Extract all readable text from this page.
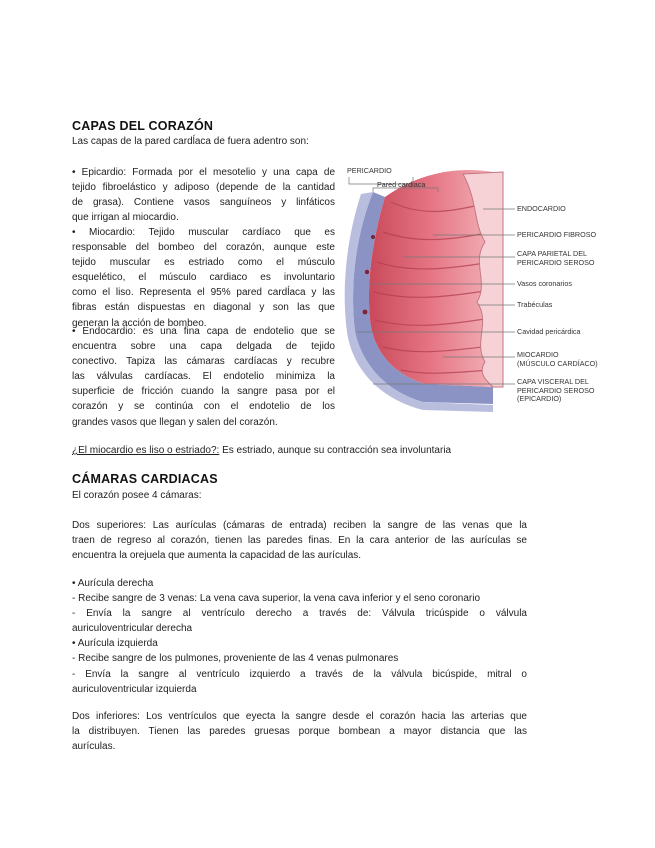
CAPAS DEL CORAZÓN
Las capas de la pared cardĺaca de fuera adentro son:
• Epicardio: Formada por el mesotelio y una capa de
tejido fibroelástico y adiposo (depende de la cantidad
de grasa). Contiene vasos sanguíneos y linfáticos
que irrigan al miocardio.
• Miocardio: Tejido muscular cardíaco que es
responsable del bombeo del corazón, aunque este
tejido muscular es estriado como el músculo
esquelético, el músculo cardiaco es involuntario
como el liso. Representa el 95% pared cardĺaca y las
fibras están dispuestas en diagonal y son las que
generan la acción de bombeo.
• Endocardio: es una fina capa de endotelio que se
encuentra sobre una capa delgada de tejido
conectivo. Tapiza las cámaras cardíacas y recubre
las válvulas cardíacas. El endotelio minimiza la
superficie de fricción cuando la sangre pasa por el
corazón y se continúa con el endotelio de los
grandes vasos que llegan y salen del corazón.
¿El miocardio es liso o estriado?: Es estriado, aunque su contracción sea involuntaria
PERICARDIO
Pared cardiaca
ENDOCARDIO
PERICARDIO FIBROSO
CAPA PARIETAL DEL
PERICARDIO SEROSO
Vasos coronarios
Trabéculas
Cavidad pericárdica
MIOCARDIO
(MÚSCULO CARDÍACO)
CAPA VISCERAL DEL
PERICARDIO SEROSO
(EPICARDIO)
CÁMARAS CARDIACAS
El corazón posee 4 cámaras:
Dos superiores: Las aurículas (cámaras de entrada) reciben la sangre de las venas que la
traen de regreso al corazón, tienen las paredes finas. En la cara anterior de las aurículas se
encuentra la orejuela que aumenta la capacidad de las aurículas.
• Aurícula derecha
- Recibe sangre de 3 venas: La vena cava superior, la vena cava inferior y el seno coronario
- Envía la sangre al ventrículo derecho a través de: Válvula tricúspide o válvula
auriculoventricular derecha
• Aurícula izquierda
- Recibe sangre de los pulmones, proveniente de las 4 venas pulmonares
- Envía la sangre al ventrículo izquierdo a través de la válvula bicúspide, mitral o
auriculoventricular izquierda
Dos inferiores: Los ventrículos que eyecta la sangre desde el corazón hacia las arterias que
la distribuyen. Tienen las paredes gruesas porque bombean a mayor distancia que las
aurículas.
